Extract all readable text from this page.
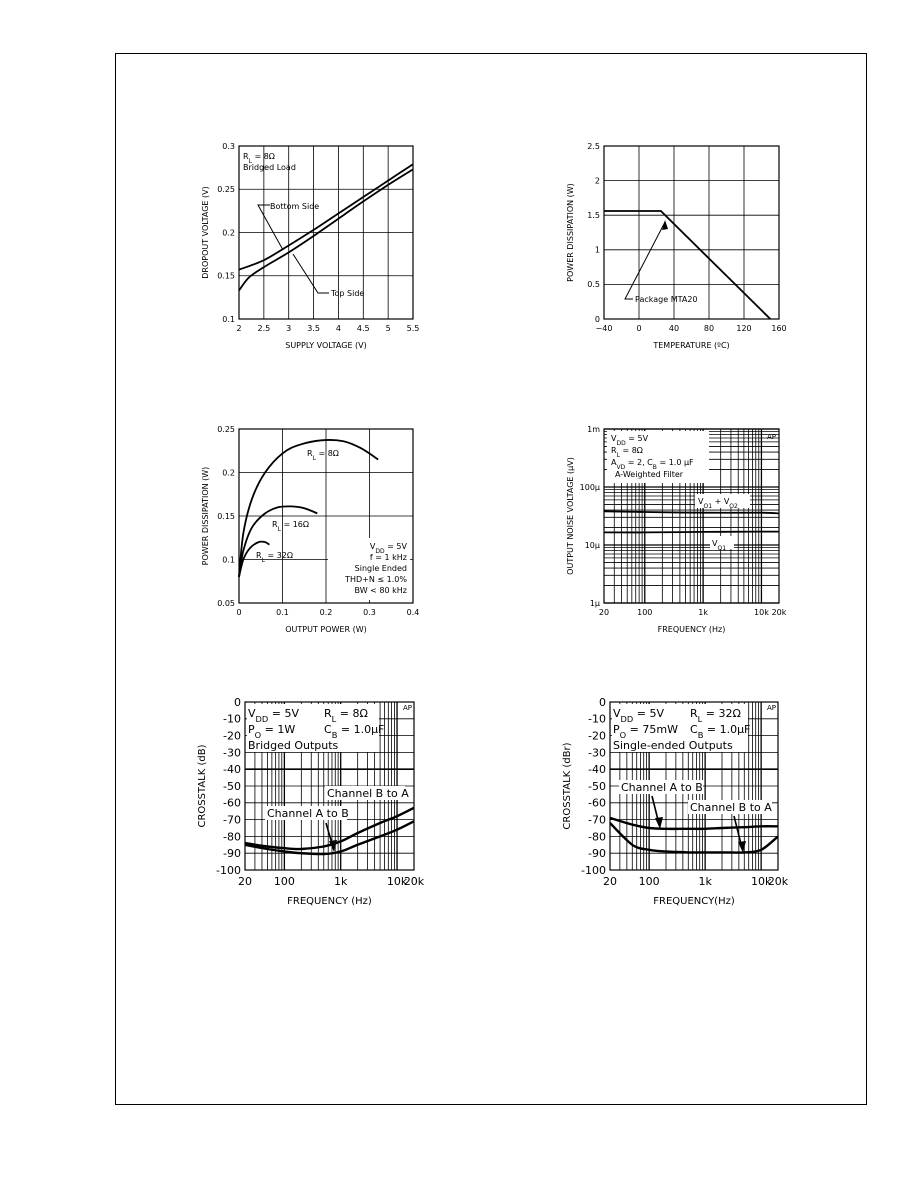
2 2.5 3 3.5 4 4.5 5 5.5
0.1
0.15
0.2
0.25
0.3
SUPPLY VOLTAGE (V)
DROPOUT VOLTAGE (V)
$R_L = 8\Omega$
Bridged Load
Bottom Side
Top Side
−40	0	40	80	120 160
0
0.5
1
1.5
2
2.5
TEMPERATURE (ºC)
POWER DISSIPATION (W)
Package MTA20
0	0.1	0.2	0.3	0.4
0.05
0.1
0.15
0.2
0.25
OUTPUT POWER (W)
POWER DISSIPATION (W)
$R_L = 8\Omega$
$R_L = 16\Omega$
$R_L = 32\Omega$
$V_{DD} = 5V$
f = 1 kHz
Single Ended
THD+N ≤ 1.0%
BW < 80 kHz
20	100	1k	10k 20k
1μ
10μ
100μ
1m
FREQUENCY (Hz)
OUTPUT NOISE VOLTAGE (μV)
$V_{DD} = 5V$
$R_L = 8\Omega$
$A_{VD} = 2$, $C_B = 1.0$ μF
A-Weighted Filter
$V_{O1} + V_{O2}$
$V_{O1}$
AP
20 100	1k	10k
20k
0
-10
-20
-30
-40
-50
-60
-70
-80
-90
-100
FREQUENCY (Hz)
CROSSTALK (dB)
$V_{DD} = 5V$ $R_L = 8\Omega$
$P_O = 1W$	$C_B = 1.0\mu F$
Bridged Outputs
Channel B to A
Channel A to B
AP
20 100	1k	10k
20k
0
-10
-20
-30
-40
-50
-60
-70
-80
-90
-100
FREQUENCY(Hz)
CROSSTALK (dBr)
$V_{DD} = 5V$ $R_L = 32\Omega$
$P_O = 75mW$ $C_B = 1.0\mu F$
Single-ended Outputs
Channel A to B
Channel B to A
AP
